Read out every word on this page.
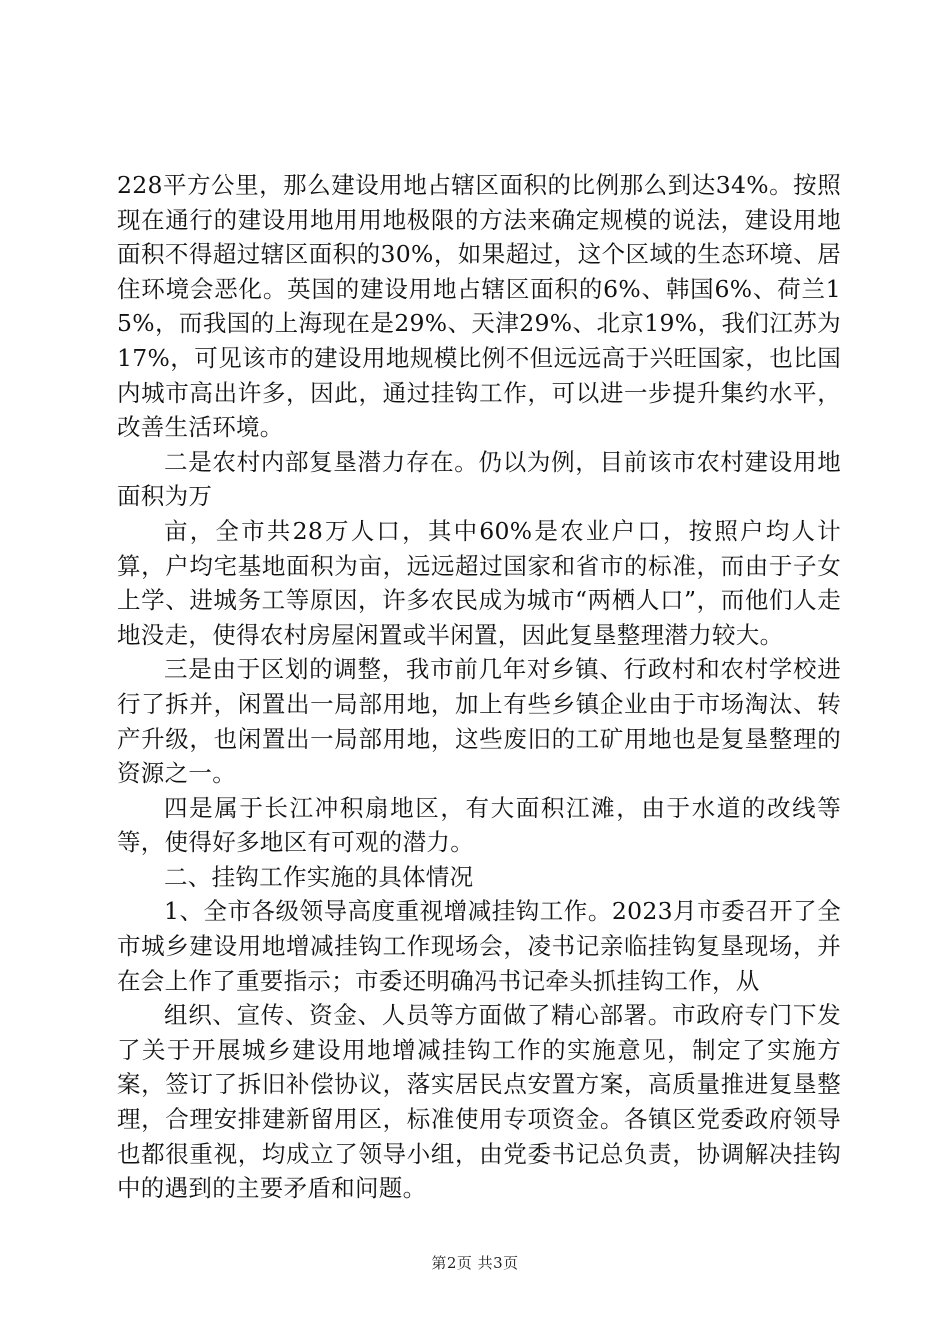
228平方公里，那么建设用地占辖区面积的比例那么到达34%。按照现在通行的建设用地用用地极限的方法来确定规模的说法，建设用地面积不得超过辖区面积的30%，如果超过，这个区域的生态环境、居住环境会恶化。英国的建设用地占辖区面积的6%、韩国6%、荷兰15%，而我国的上海现在是29%、天津29%、北京19%，我们江苏为17%，可见该市的建设用地规模比例不但远远高于兴旺国家，也比国内城市高出许多，因此，通过挂钩工作，可以进一步提升集约水平，改善生活环境。

二是农村内部复垦潜力存在。仍以为例，目前该市农村建设用地面积为万

亩，全市共28万人口，其中60%是农业户口，按照户均人计算，户均宅基地面积为亩，远远超过国家和省市的标准，而由于子女上学、进城务工等原因，许多农民成为城市“两栖人口”，而他们人走地没走，使得农村房屋闲置或半闲置，因此复垦整理潜力较大。

三是由于区划的调整，我市前几年对乡镇、行政村和农村学校进行了拆并，闲置出一局部用地，加上有些乡镇企业由于市场淘汰、转产升级，也闲置出一局部用地，这些废旧的工矿用地也是复垦整理的资源之一。

四是属于长江冲积扇地区，有大面积江滩，由于水道的改线等等，使得好多地区有可观的潜力。

二、挂钩工作实施的具体情况

1、全市各级领导高度重视增减挂钩工作。2023月市委召开了全市城乡建设用地增减挂钩工作现场会，凌书记亲临挂钩复垦现场，并在会上作了重要指示；市委还明确冯书记牵头抓挂钩工作，从

组织、宣传、资金、人员等方面做了精心部署。市政府专门下发了关于开展城乡建设用地增减挂钩工作的实施意见，制定了实施方案，签订了拆旧补偿协议，落实居民点安置方案，高质量推进复垦整理，合理安排建新留用区，标准使用专项资金。各镇区党委政府领导也都很重视，均成立了领导小组，由党委书记总负责，协调解决挂钩中的遇到的主要矛盾和问题。

第2页 共3页
